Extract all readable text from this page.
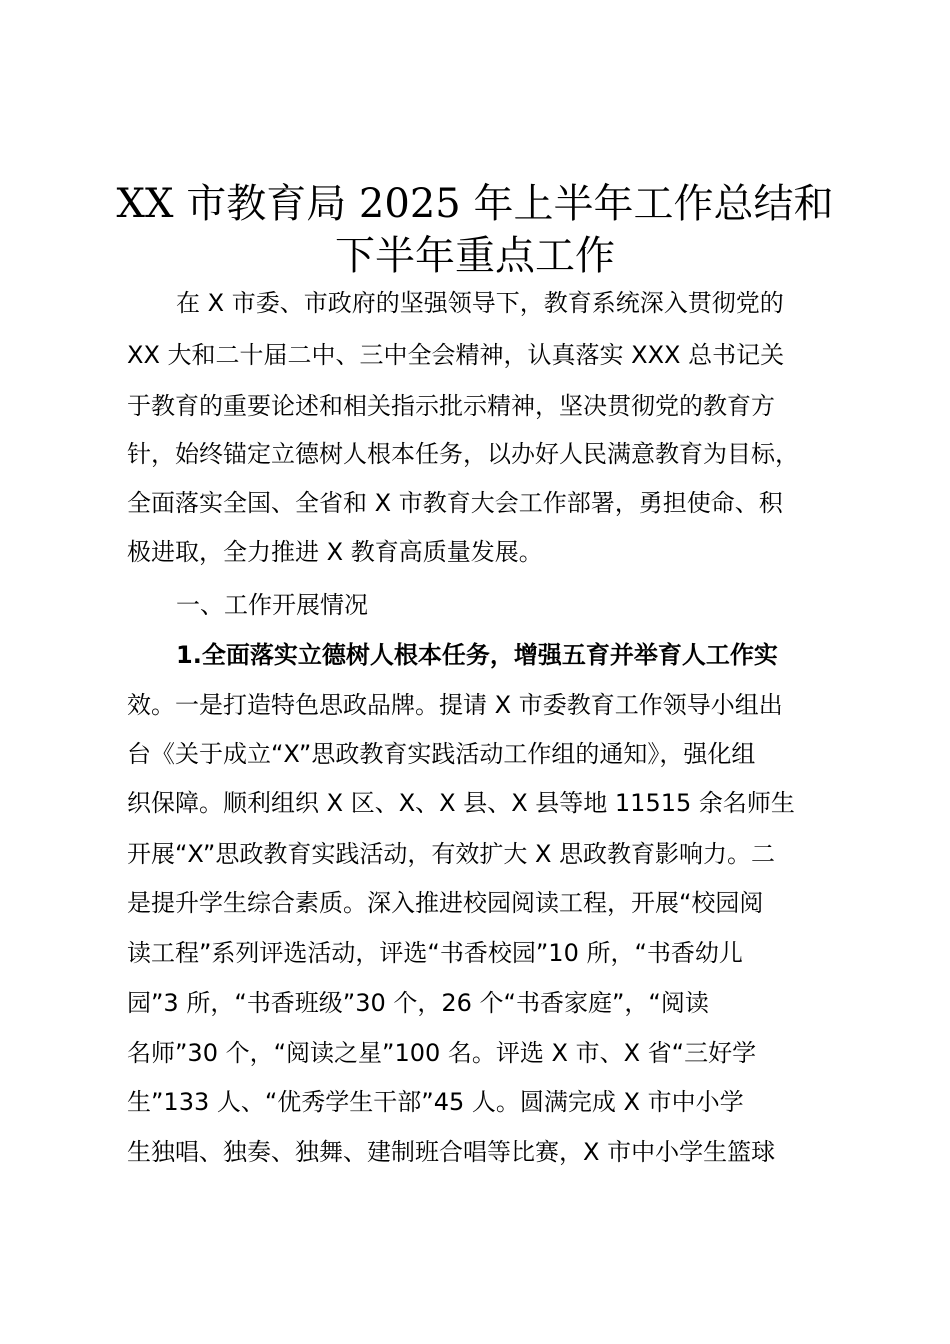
XX 市教育局 2025 年上半年工作总结和
下半年重点工作
在 X 市委、市政府的坚强领导下，教育系统深入贯彻党的
XX 大和二十届二中、三中全会精神，认真落实 XXX 总书记关
于教育的重要论述和相关指示批示精神，坚决贯彻党的教育方
针，始终锚定立德树人根本任务，以办好人民满意教育为目标，
全面落实全国、全省和 X 市教育大会工作部署，勇担使命、积
极进取，全力推进 X 教育高质量发展。
一、工作开展情况
1.全面落实立德树人根本任务，增强五育并举育人工作实
效。一是打造特色思政品牌。提请 X 市委教育工作领导小组出
台《关于成立“X”思政教育实践活动工作组的通知》，强化组
织保障。顺利组织 X 区、X、X 县、X 县等地 11515 余名师生
开展“X”思政教育实践活动，有效扩大 X 思政教育影响力。二
是提升学生综合素质。深入推进校园阅读工程，开展“校园阅
读工程”系列评选活动，评选“书香校园”10 所，“书香幼儿
园”3 所，“书香班级”30 个，26 个“书香家庭”，“阅读
名师”30 个，“阅读之星”100 名。评选 X 市、X 省“三好学
生”133 人、“优秀学生干部”45 人。圆满完成 X 市中小学
生独唱、独奏、独舞、建制班合唱等比赛，X 市中小学生篮球
